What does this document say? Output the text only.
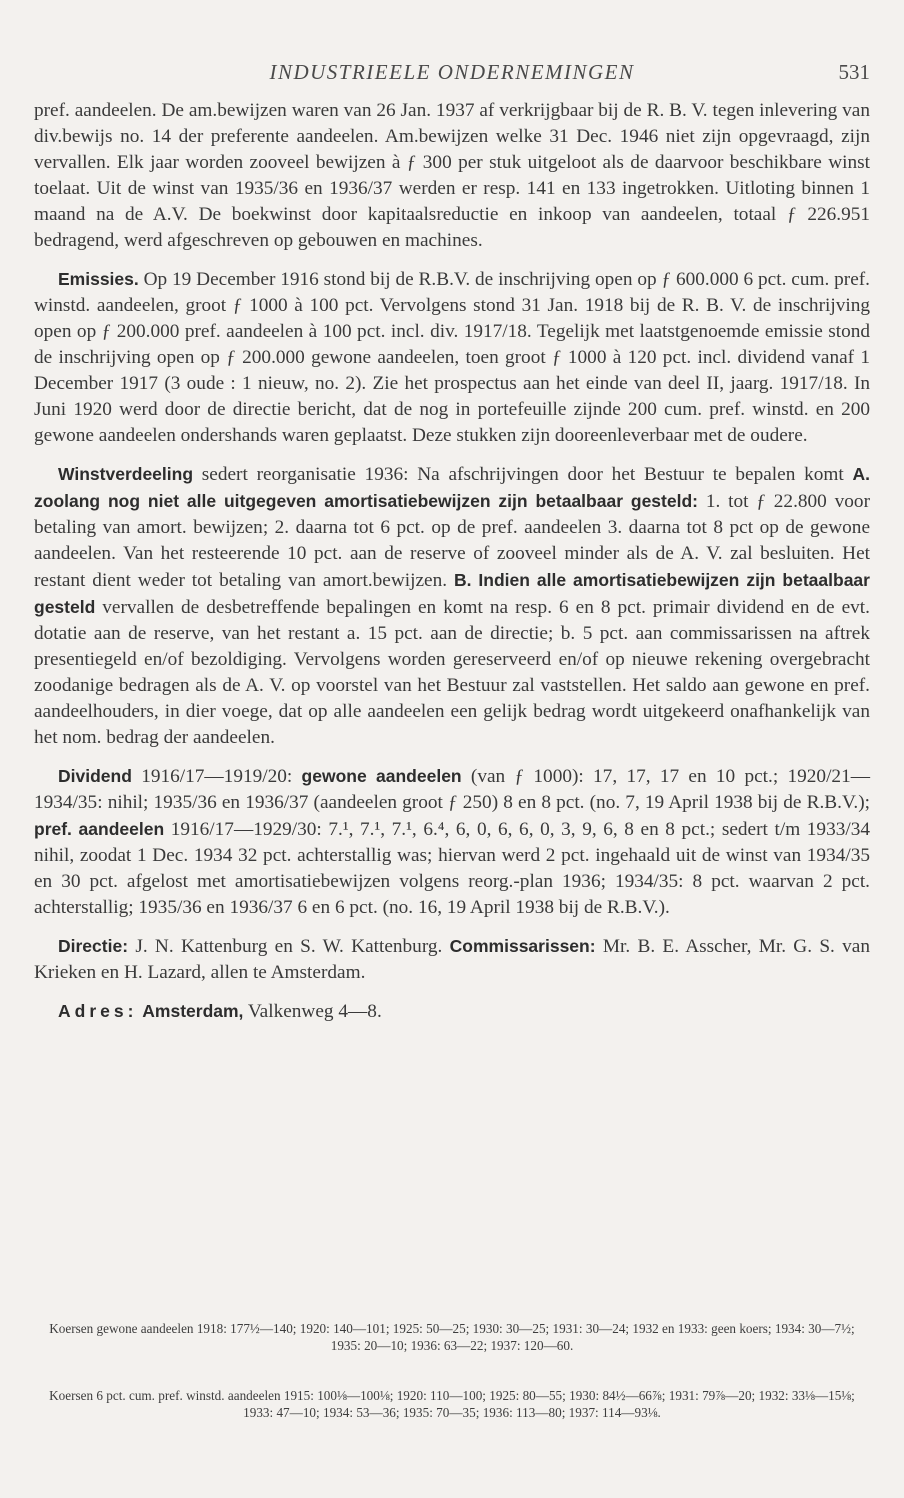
INDUSTRIEELE ONDERNEMINGEN	531

pref. aandeelen. De am.bewijzen waren van 26 Jan. 1937 af verkrijgbaar bij de R. B. V. tegen inlevering van div.bewijs no. 14 der preferente aandeelen. Am.bewijzen welke 31 Dec. 1946 niet zijn opgevraagd, zijn vervallen. Elk jaar worden zooveel bewijzen à ƒ 300 per stuk uitgeloot als de daarvoor beschikbare winst toelaat. Uit de winst van 1935/36 en 1936/37 werden er resp. 141 en 133 ingetrokken. Uitloting binnen 1 maand na de A.V. De boekwinst door kapitaalsreductie en inkoop van aandeelen, totaal ƒ 226.951 bedragend, werd afgeschreven op gebouwen en machines.

Emissies. Op 19 December 1916 stond bij de R.B.V. de inschrijving open op ƒ 600.000 6 pct. cum. pref. winstd. aandeelen, groot ƒ 1000 à 100 pct. Vervolgens stond 31 Jan. 1918 bij de R. B. V. de inschrijving open op ƒ 200.000 pref. aandeelen à 100 pct. incl. div. 1917/18. Tegelijk met laatstgenoemde emissie stond de inschrijving open op ƒ 200.000 gewone aandeelen, toen groot ƒ 1000 à 120 pct. incl. dividend vanaf 1 December 1917 (3 oude : 1 nieuw, no. 2). Zie het prospectus aan het einde van deel II, jaarg. 1917/18. In Juni 1920 werd door de directie bericht, dat de nog in portefeuille zijnde 200 cum. pref. winstd. en 200 gewone aandeelen ondershands waren geplaatst. Deze stukken zijn dooreenleverbaar met de oudere.

Winstverdeeling sedert reorganisatie 1936: Na afschrijvingen door het Bestuur te bepalen komt A. zoolang nog niet alle uitgegeven amortisatiebewijzen zijn betaalbaar gesteld: 1. tot ƒ 22.800 voor betaling van amort. bewijzen; 2. daarna tot 6 pct. op de pref. aandeelen 3. daarna tot 8 pct op de gewone aandeelen. Van het resteerende 10 pct. aan de reserve of zooveel minder als de A. V. zal besluiten. Het restant dient weder tot betaling van amort.bewijzen. B. Indien alle amortisatiebewijzen zijn betaalbaar gesteld vervallen de desbetreffende bepalingen en komt na resp. 6 en 8 pct. primair dividend en de evt. dotatie aan de reserve, van het restant a. 15 pct. aan de directie; b. 5 pct. aan commissarissen na aftrek presentiegeld en/of bezoldiging. Vervolgens worden gereserveerd en/of op nieuwe rekening overgebracht zoodanige bedragen als de A. V. op voorstel van het Bestuur zal vaststellen. Het saldo aan gewone en pref. aandeelhouders, in dier voege, dat op alle aandeelen een gelijk bedrag wordt uitgekeerd onafhankelijk van het nom. bedrag der aandeelen.

Dividend 1916/17—1919/20: gewone aandeelen (van ƒ 1000): 17, 17, 17 en 10 pct.; 1920/21—1934/35: nihil; 1935/36 en 1936/37 (aandeelen groot ƒ 250) 8 en 8 pct. (no. 7, 19 April 1938 bij de R.B.V.); pref. aandeelen 1916/17—1929/30: 7.¹, 7.¹, 7.¹, 6.⁴, 6, 0, 6, 6, 0, 3, 9, 6, 8 en 8 pct.; sedert t/m 1933/34 nihil, zoodat 1 Dec. 1934 32 pct. achterstallig was; hiervan werd 2 pct. ingehaald uit de winst van 1934/35 en 30 pct. afgelost met amortisatiebewijzen volgens reorg.-plan 1936; 1934/35: 8 pct. waarvan 2 pct. achterstallig; 1935/36 en 1936/37 6 en 6 pct. (no. 16, 19 April 1938 bij de R.B.V.).

Directie: J. N. Kattenburg en S. W. Kattenburg. Commissarissen: Mr. B. E. Asscher, Mr. G. S. van Krieken en H. Lazard, allen te Amsterdam.

Adres: Amsterdam, Valkenweg 4—8.

Koersen gewone aandeelen 1918: 177½—140; 1920: 140—101; 1925: 50—25; 1930: 30—25; 1931: 30—24; 1932 en 1933: geen koers; 1934: 30—7½; 1935: 20—10; 1936: 63—22; 1937: 120—60.
Koersen 6 pct. cum. pref. winstd. aandeelen 1915: 100⅛—100⅛; 1920: 110—100; 1925: 80—55; 1930: 84½—66⅞; 1931: 79⅞—20; 1932: 33⅛—15⅛; 1933: 47—10; 1934: 53—36; 1935: 70—35; 1936: 113—80; 1937: 114—93⅛.
